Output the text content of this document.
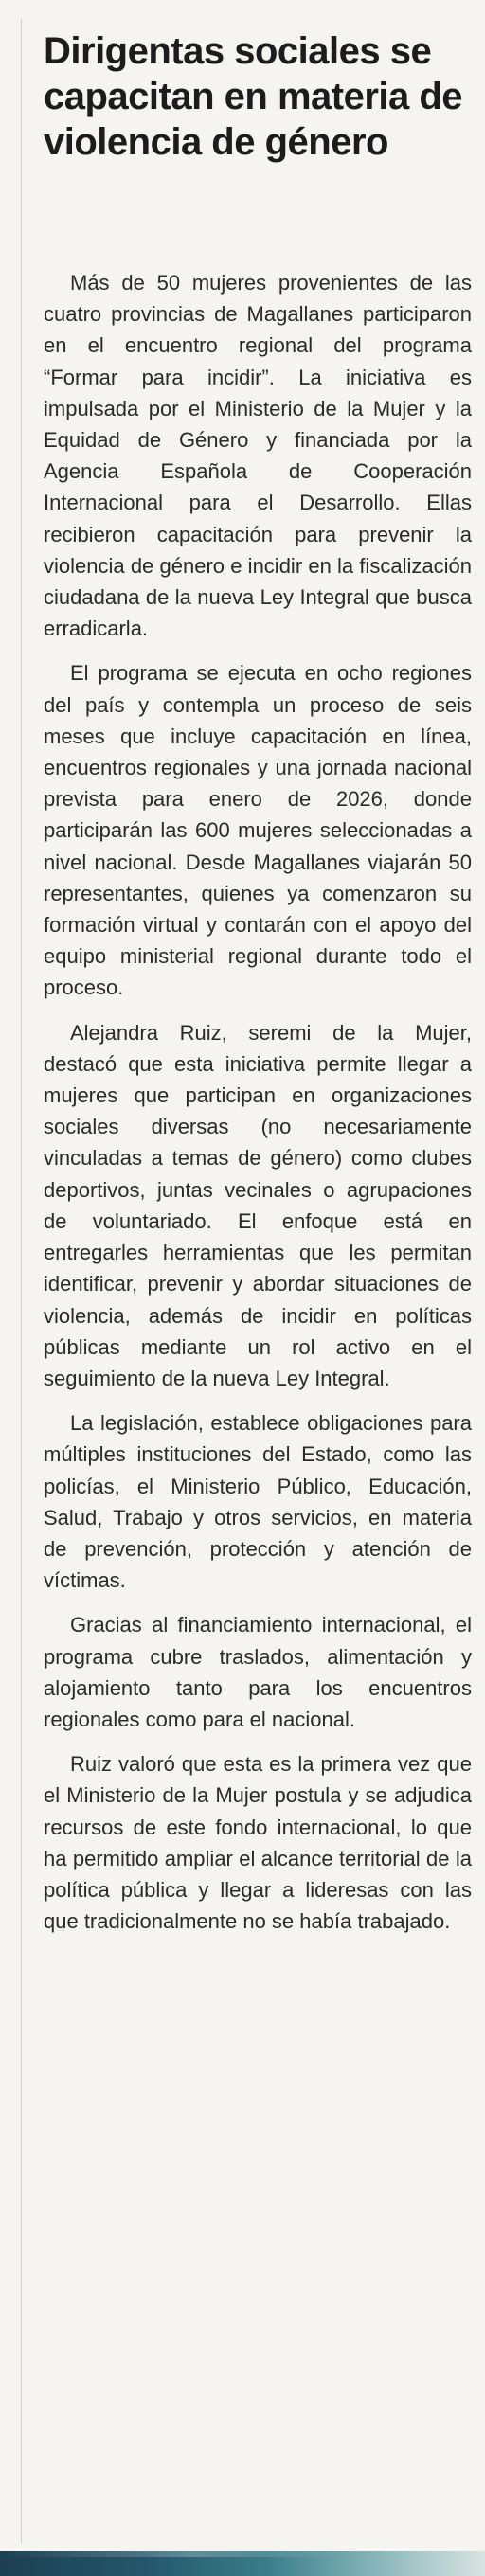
Dirigentas sociales se capacitan en materia de violencia de género

Más de 50 mujeres provenientes de las cuatro provincias de Magallanes participaron en el encuentro regional del programa “Formar para incidir”. La iniciativa es impulsada por el Ministerio de la Mujer y la Equidad de Género y financiada por la Agencia Española de Cooperación Internacional para el Desarrollo. Ellas recibieron capacitación para prevenir la violencia de género e incidir en la fiscalización ciudadana de la nueva Ley Integral que busca erradicarla.

El programa se ejecuta en ocho regiones del país y contempla un proceso de seis meses que incluye capacitación en línea, encuentros regionales y una jornada nacional prevista para enero de 2026, donde participarán las 600 mujeres seleccionadas a nivel nacional. Desde Magallanes viajarán 50 representantes, quienes ya comenzaron su formación virtual y contarán con el apoyo del equipo ministerial regional durante todo el proceso.

Alejandra Ruiz, seremi de la Mujer, destacó que esta iniciativa permite llegar a mujeres que participan en organizaciones sociales diversas (no necesariamente vinculadas a temas de género) como clubes deportivos, juntas vecinales o agrupaciones de voluntariado. El enfoque está en entregarles herramientas que les permitan identificar, prevenir y abordar situaciones de violencia, además de incidir en políticas públicas mediante un rol activo en el seguimiento de la nueva Ley Integral.

La legislación, establece obligaciones para múltiples instituciones del Estado, como las policías, el Ministerio Público, Educación, Salud, Trabajo y otros servicios, en materia de prevención, protección y atención de víctimas.

Gracias al financiamiento internacional, el programa cubre traslados, alimentación y alojamiento tanto para los encuentros regionales como para el nacional.

Ruiz valoró que esta es la primera vez que el Ministerio de la Mujer postula y se adjudica recursos de este fondo internacional, lo que ha permitido ampliar el alcance territorial de la política pública y llegar a lideresas con las que tradicionalmente no se había trabajado.
